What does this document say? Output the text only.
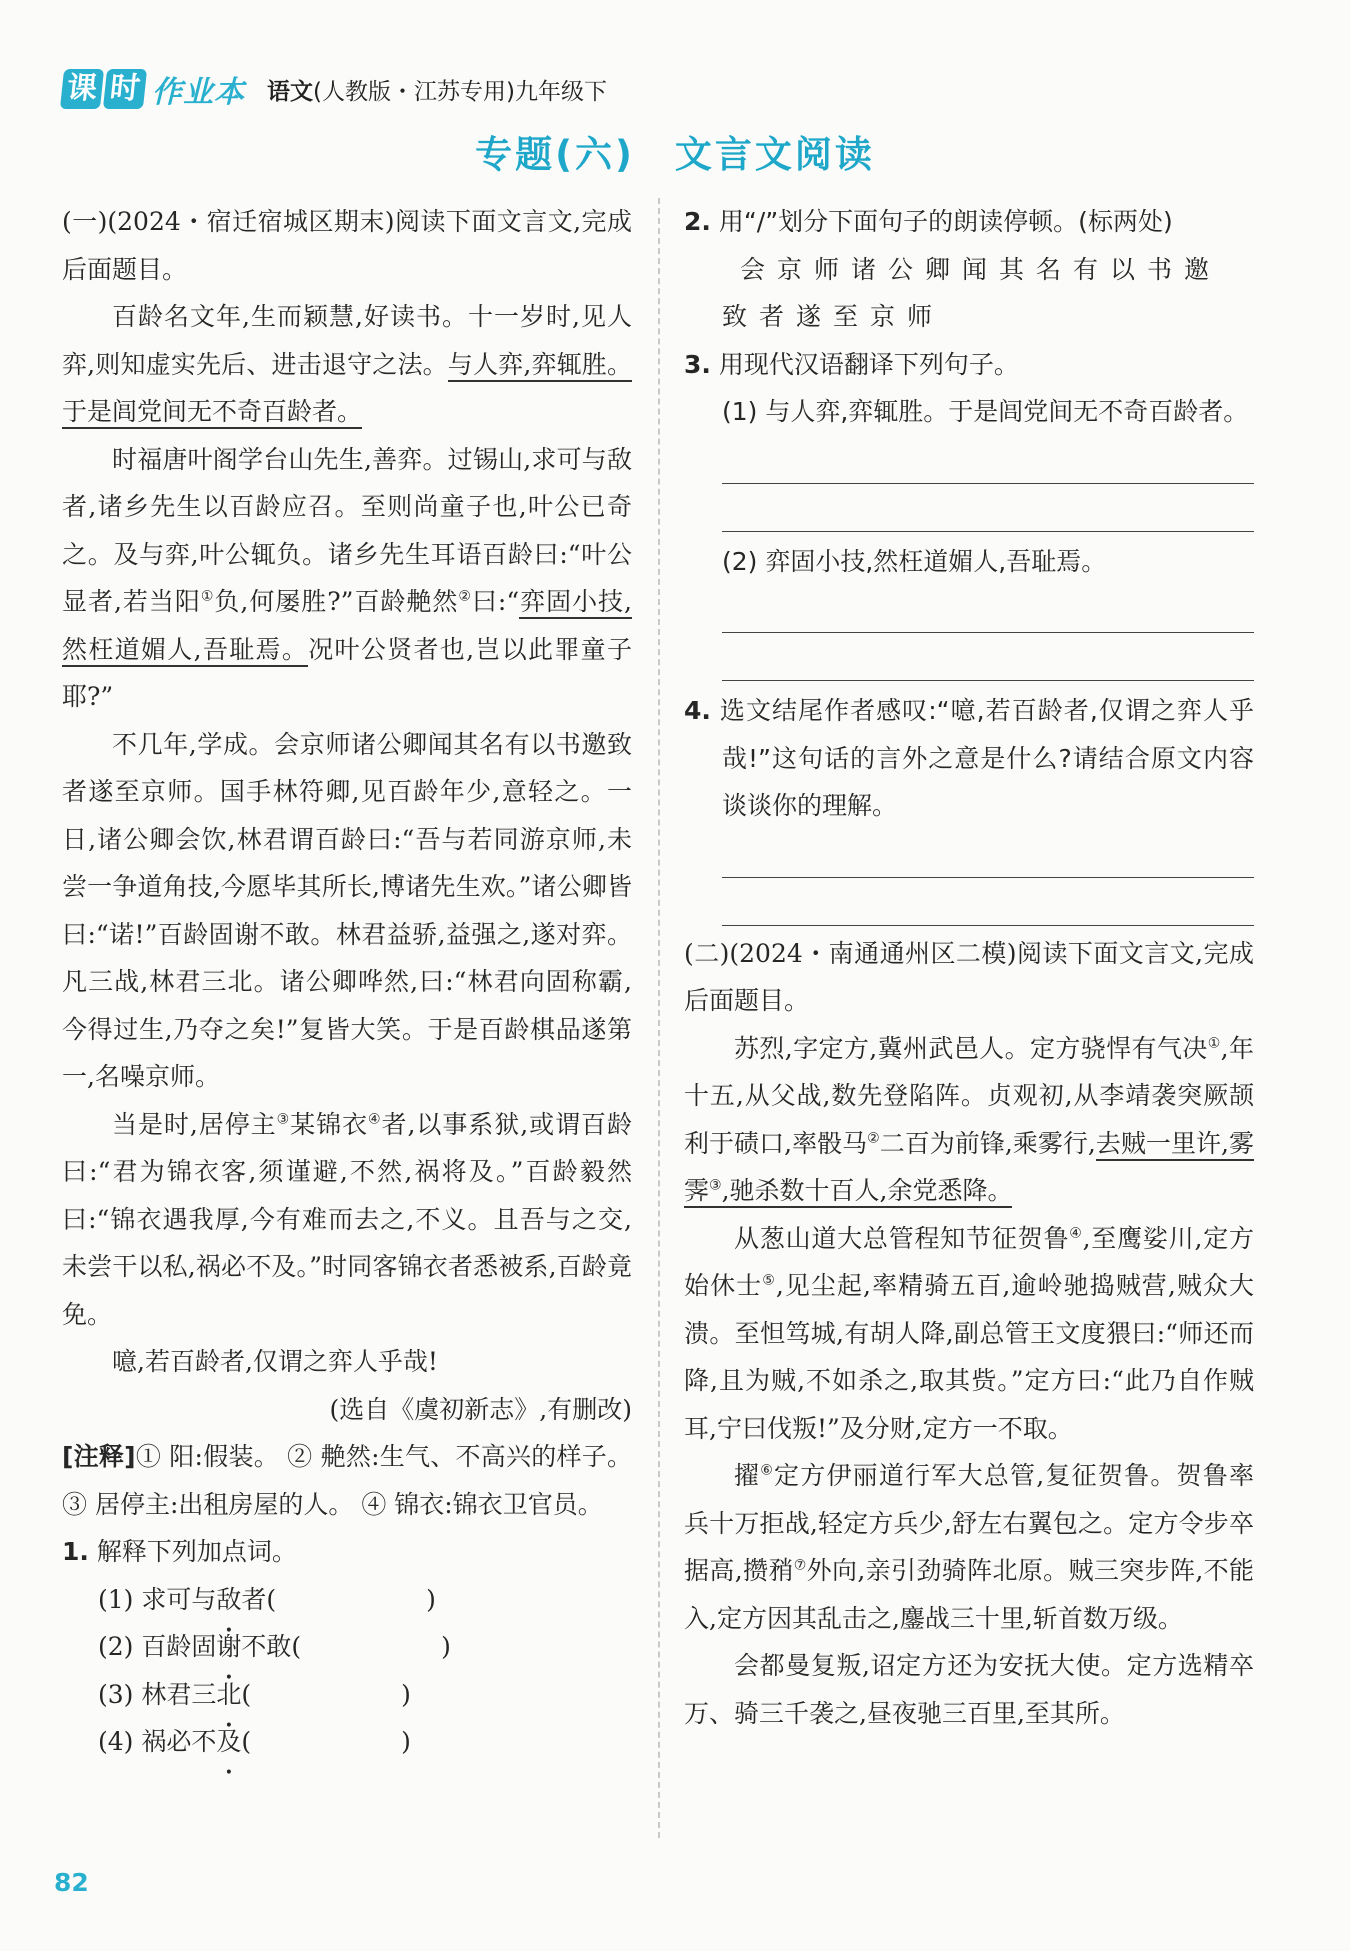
课 时 作业本 语文(人教版・江苏专用)九年级下
专题(六) 文言文阅读

(一)(2024・宿迁宿城区期末)阅读下面文言文,完成后面题目。

百龄名文年,生而颖慧,好读书。十一岁时,见人弈,则知虚实先后、进击退守之法。与人弈,弈辄胜。于是闾党间无不奇百龄者。

时福唐叶阁学台山先生,善弈。过锡山,求可与敌者,诸乡先生以百龄应召。至则尚童子也,叶公已奇之。及与弈,叶公辄负。诸乡先生耳语百龄曰:“叶公显者,若当阳①负,何屡胜?”百龄艴然②曰:“弈固小技,然枉道媚人,吾耻焉。况叶公贤者也,岂以此罪童子耶?”

不几年,学成。会京师诸公卿闻其名有以书邀致者遂至京师。国手林符卿,见百龄年少,意轻之。一日,诸公卿会饮,林君谓百龄曰:“吾与若同游京师,未尝一争道角技,今愿毕其所长,博诸先生欢。”诸公卿皆曰:“诺!”百龄固谢不敢。林君益骄,益强之,遂对弈。凡三战,林君三北。诸公卿哗然,曰:“林君向固称霸,今得过生,乃夺之矣!”复皆大笑。于是百龄棋品遂第一,名噪京师。

当是时,居停主③某锦衣④者,以事系狱,或谓百龄曰:“君为锦衣客,须谨避,不然,祸将及。”百龄毅然曰:“锦衣遇我厚,今有难而去之,不义。且吾与之交,未尝干以私,祸必不及。”时同客锦衣者悉被系,百龄竟免。

噫,若百龄者,仅谓之弈人乎哉!

(选自《虞初新志》,有删改)

[注释]① 阳:假装。 ② 艴然:生气、不高兴的样子。 ③ 居停主:出租房屋的人。 ④ 锦衣:锦衣卫官员。

1. 解释下列加点词。

(1) 求可与敌者(	)

(2) 百龄固谢不敢(	)

(3) 林君三北(	)

(4) 祸必不及(	)

2. 用“/”划分下面句子的朗读停顿。(标两处)

会京师诸公卿闻其名有以书邀

致者遂至京师

3. 用现代汉语翻译下列句子。

(1) 与人弈,弈辄胜。于是闾党间无不奇百龄者。

(2) 弈固小技,然枉道媚人,吾耻焉。

4. 选文结尾作者感叹:“噫,若百龄者,仅谓之弈人乎哉!”这句话的言外之意是什么?请结合原文内容谈谈你的理解。

(二)(2024・南通通州区二模)阅读下面文言文,完成后面题目。

苏烈,字定方,冀州武邑人。定方骁悍有气决①,年十五,从父战,数先登陷阵。贞观初,从李靖袭突厥颉利于碛口,率骰马②二百为前锋,乘雾行,去贼一里许,雾霁③,驰杀数十百人,余党悉降。

从葱山道大总管程知节征贺鲁④,至鹰娑川,定方始休士⑤,见尘起,率精骑五百,逾岭驰捣贼营,贼众大溃。至怛笃城,有胡人降,副总管王文度猥曰:“师还而降,且为贼,不如杀之,取其赀。”定方曰:“此乃自作贼耳,宁曰伐叛!”及分财,定方一不取。

擢⑥定方伊丽道行军大总管,复征贺鲁。贺鲁率兵十万拒战,轻定方兵少,舒左右翼包之。定方令步卒据高,攒矟⑦外向,亲引劲骑阵北原。贼三突步阵,不能入,定方因其乱击之,鏖战三十里,斩首数万级。

会都曼复叛,诏定方还为安抚大使。定方选精卒万、骑三千袭之,昼夜驰三百里,至其所。

82
